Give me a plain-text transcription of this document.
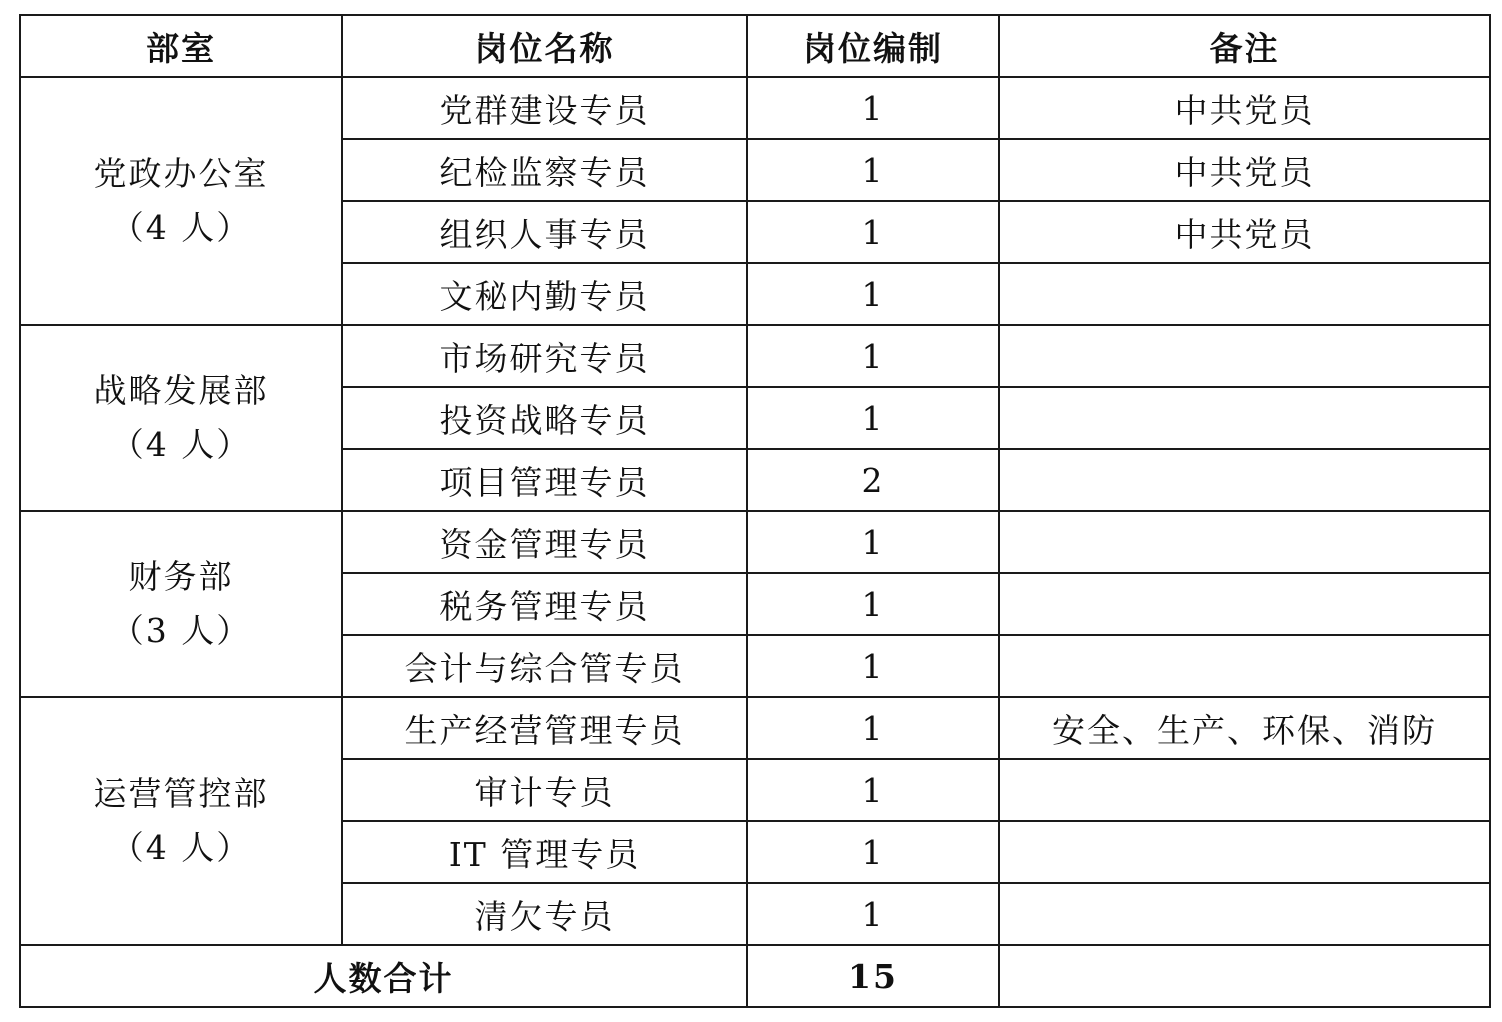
部室	岗位名称	岗位编制	备注

党政办公室
（4 人）	党群建设专员	1	中共党员
	纪检监察专员	1	中共党员
	组织人事专员	1	中共党员
	文秘内勤专员	1	

战略发展部
（4 人）	市场研究专员	1	
	投资战略专员	1	
	项目管理专员	2	

财务部
（3 人）	资金管理专员	1	
	税务管理专员	1	
	会计与综合管专员	1	

运营管控部
（4 人）	生产经营管理专员	1	安全、生产、环保、消防
	审计专员	1	
	IT 管理专员	1	
	清欠专员	1	
人数合计		15	
